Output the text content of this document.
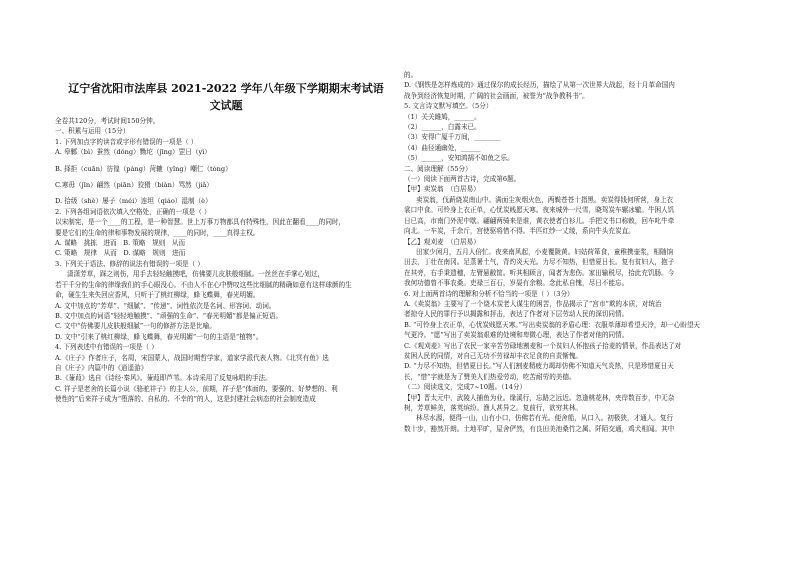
辽宁省沈阳市法库县 2021-2022 学年八年级下学期期末考试语
文试题
全卷共120分，考试时间150分钟。
一、积累与运用（15分）
1. 下列加点字的读音或字形有错误的一项是（ ）
A. 皋鄹（bì）蚕然（dǒng）黝坨（jīng）罡日（yì）
B. 择拒（cuān）彷徨（páng）菏辘（yǐng）嘲仁（tóng）
C.寒毋（jīn）翩然（piān）狡猾（biàn）骂然（jiǎ）
D. 拾级（shè）屡子（méi）连坦（qiáo）湿制（è）
2. 下列各组词语依次填入空格处，正确的一项是（ ）
以宋制宪，是一个____的工程，是一种智慧。世上万事万物都具有特殊性，因此在翻看____的同时，
要是它们的生命的律和事物发展的规律，____的同时，____真得主权。
A. 谋略　挑拣　进而　B. 策略　规则　从而
C. 策略　规律　从而　D. 谋略　规则　进而
3. 下列关于语法、修辞的说法有错误的一项是（ ）
潇潇芳草，踩之则伤，用手去轻轻触摸吧，仿佛要儿皮肤般细腻。一丝丝在手掌心划过，
若干千分的生命的律缘我们的手心眼没心。不由人不在心中赞叹这些比细腻的精确如意有这样球颜的生
命，硬生生来失回应香风，只听于了桃红柳绿，蜂飞蝶舞，春光明媚。
A. 文中加点的“芳草”、“细腻”、“传递”、词性依次是名词、形容词、动词。
B. 文中加点的词语“轻轻地触摸”、“顽强的生命”、“春光明媚”都是偏正短语。
C. 文中“仿佛要儿皮肤般细腻”一句的修辞方法是比喻。
D. 文中“引来了桃红柳绿，蜂飞蝶舞，春光明媚”一句的主语是“植物”。
4. 下列表述中有错误的一项是（ ）
A.《庄子》作者庄子，名周，宋国蒙人，战国时期哲学家，道家学派代表人物。《北冥有鱼》选
自《庄子》内篇中的《逍遥游》
B.《蒹葭》选自《诗经·秦风》。蒹葭即芦苇。本诗采用了反复咏唱的手法。
C. 祥子是老舍的长篇小说《骆驼祥子》的主人公，前期，祥子是“体面的、要强的、好梦想的、利
使性的”后来祥子成为“堕落的、自私的、不幸的”的人，这是封建社会病态的社会制度造成
的。
D.《钢铁是怎样炼成的》通过保尔的成长经历，描绘了从第一次世界大战起，经十月革命国内
战争到经济恢复时期，广阔的社会画面，被誉为“战争教科书”。
5. 文言诗文默写填空。（5分）
（1）关关雎鸠，______。
（2）______，白露未已。
（3）安得广厦千万间，________
（4）曲径通幽处，______
（5）______，安知鸿鹄不如鱼之乐。
二、阅读理解（55分）
（一）阅读下面两首古诗，完成第6题。
【甲】卖炭翁　（白居易）
卖炭翁，伐薪烧炭南山中。满面尘灰烟火色，两鬓苍苍十指黑。卖炭得钱何所营，身上衣
裳口中食。可怜身上衣正单，心忧炭贱愿天寒。夜来城外一尺雪，晓驾炭车辗冰辙。牛困人饥
日已高，市南门外泥中歇。翩翩两骑来是谁，黄衣使者白衫儿。手把文书口称敕，回车叱牛牵
向北。一车炭，千余斤，宫使驱将惜不得。半匹红纱一丈绫，系向牛头充炭直。
【乙】观刈麦　（白居易）
田家少闲月，五月人倍忙。夜来南风起，小麦覆陇黄。妇姑荷箪食，童稚携壶浆，相随饷
田去，丁壮在南冈。足蒸暑土气，背灼炎天光。力尽不知热，但惜夏日长。复有贫妇人，抱子
在其旁，右手秉遗穗，左臂悬敝筐。听其相顾言，闻者为悲伤。家田输税尽，拾此充饥肠。今
我何功德曾不事农桑。吏禄三百石，岁晏有余粮。念此私自愧，尽日不能忘。
6. 对上面两首诗的理解和分析不恰当的一项是（ ）（3分）
A.《卖炭翁》主要写了一个烧木炭老人谋生的困苦，作品揭示了“宫市”欺的本质，对统治
者掠夺人民的罪行予以揭露和抨击，表达了作者对下层劳动人民的深切同情。
B. “可怜身上衣正单，心忧炭贱愿天寒。”写出卖炭翁的矛盾心理：衣服单薄却希望天冷，却一心盼望天
气更冷。“愿”写出了卖炭翁艰难的处境和卑微心理，表达了作者对他的同情。
C.《观刈麦》写出了农民一家辛苦劳碌地割麦和一个贫妇人怀抱孩子拾麦的情景，作品表达了对
贫困人民的同情，对自己无功不劳禄却丰衣足食的自责惭愧。
D. “力尽不知热，但惜夏日长。”写人们割麦精疲力竭却仿佛不知道天气炎热，只是珍惜夏日天
长，“惜”字就是为了赞美人们热爱劳动，吃苦耐劳的美德。
（二）阅读选文，完成7~10题。（14分）
【甲】晋太元中，武陵人捕鱼为业。缘溪行，忘路之远近。忽逢桃花林，夹岸数百步，中无杂
树，芳草鲜美，落英缤纷。渔人甚异之。复前行，欲穷其林。
林尽水源，便得一山，山有小口，仿佛若有光。便舍船，从口入。初极狭，才通人。复行
数十步，豁然开朗。土地平旷，屋舍俨然，有良田美池桑竹之属。阡陌交通，鸡犬相闻。其中
